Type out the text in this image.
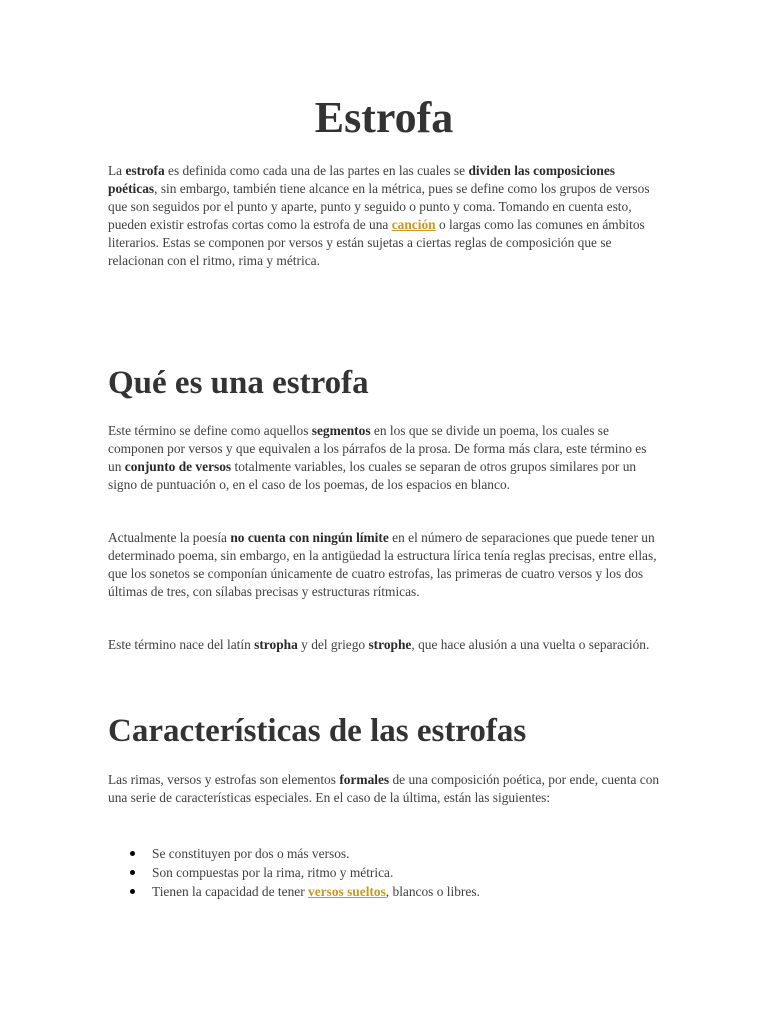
Estrofa

La estrofa es definida como cada una de las partes en las cuales se dividen las composiciones poéticas, sin embargo, también tiene alcance en la métrica, pues se define como los grupos de versos que son seguidos por el punto y aparte, punto y seguido o punto y coma. Tomando en cuenta esto, pueden existir estrofas cortas como la estrofa de una canción o largas como las comunes en ámbitos literarios. Estas se componen por versos y están sujetas a ciertas reglas de composición que se relacionan con el ritmo, rima y métrica.

Qué es una estrofa

Este término se define como aquellos segmentos en los que se divide un poema, los cuales se componen por versos y que equivalen a los párrafos de la prosa. De forma más clara, este término es un conjunto de versos totalmente variables, los cuales se separan de otros grupos similares por un signo de puntuación o, en el caso de los poemas, de los espacios en blanco.

Actualmente la poesía no cuenta con ningún límite en el número de separaciones que puede tener un determinado poema, sin embargo, en la antigüedad la estructura lírica tenía reglas precisas, entre ellas, que los sonetos se componían únicamente de cuatro estrofas, las primeras de cuatro versos y los dos últimas de tres, con sílabas precisas y estructuras rítmicas.

Este término nace del latín stropha y del griego strophe, que hace alusión a una vuelta o separación.

Características de las estrofas

Las rimas, versos y estrofas son elementos formales de una composición poética, por ende, cuenta con una serie de características especiales. En el caso de la última, están las siguientes:

Se constituyen por dos o más versos.
Son compuestas por la rima, ritmo y métrica.
Tienen la capacidad de tener versos sueltos, blancos o libres.
